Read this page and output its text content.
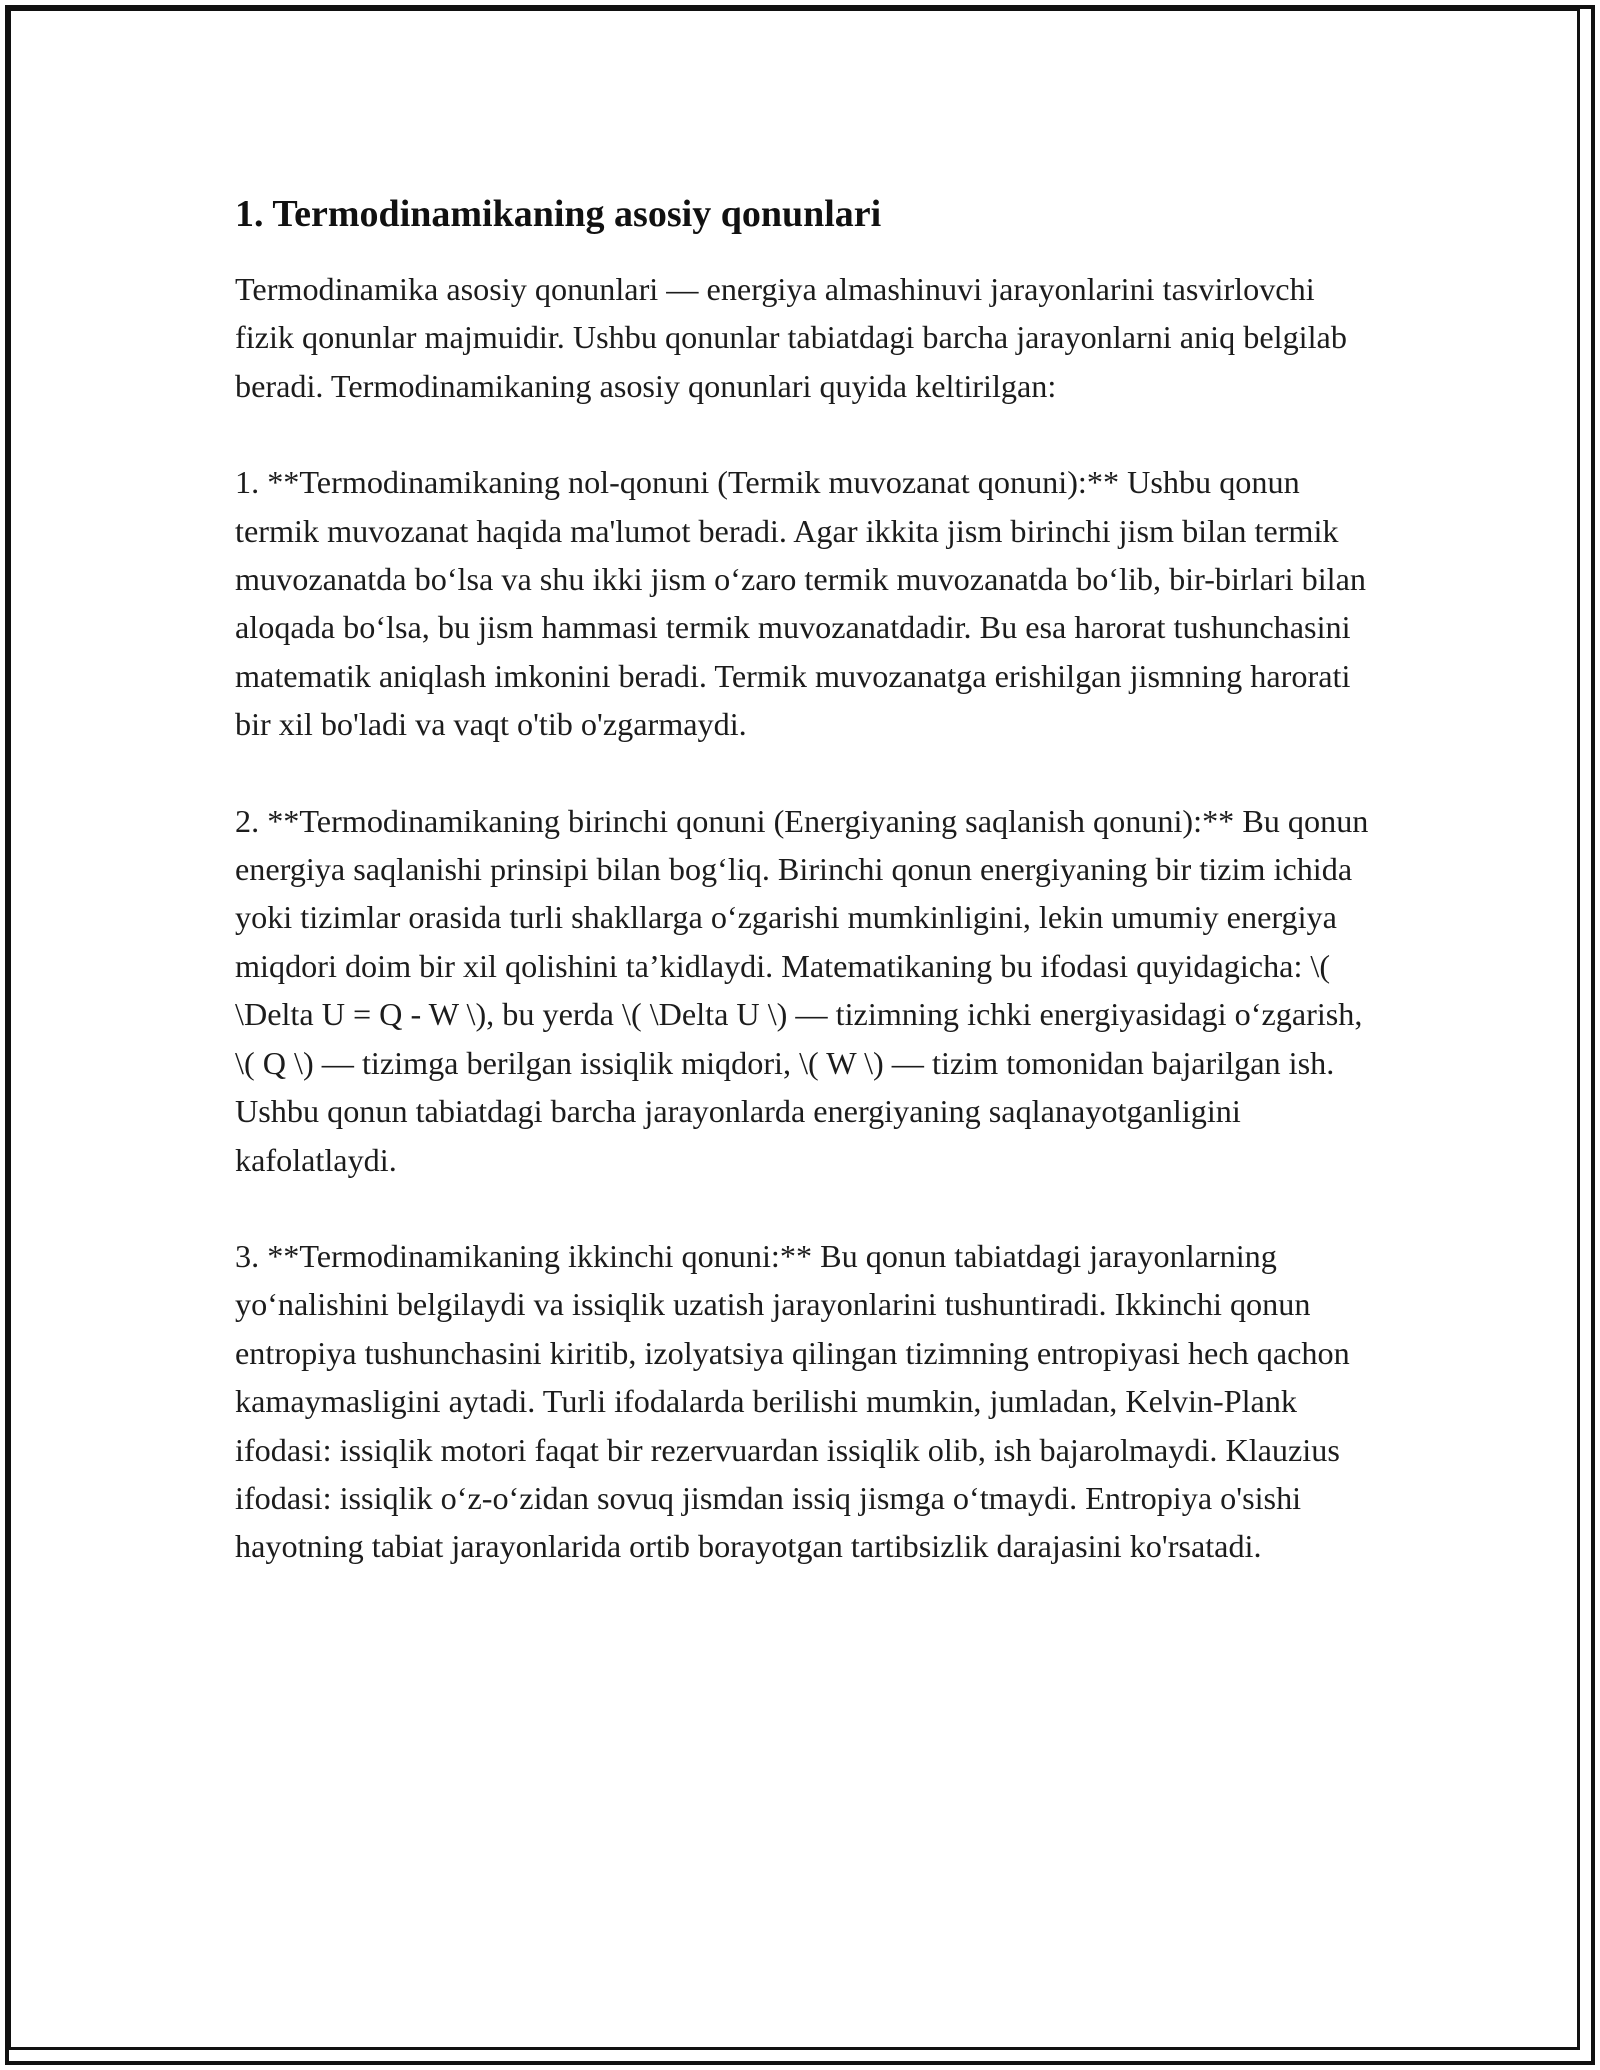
1. Termodinamikaning asosiy qonunlari

Termodinamika asosiy qonunlari — energiya almashinuvi jarayonlarini tasvirlovchi fizik qonunlar majmuidir. Ushbu qonunlar tabiatdagi barcha jarayonlarni aniq belgilab beradi. Termodinamikaning asosiy qonunlari quyida keltirilgan:

1. **Termodinamikaning nol-qonuni (Termik muvozanat qonuni):** Ushbu qonun termik muvozanat haqida ma'lumot beradi. Agar ikkita jism birinchi jism bilan termik muvozanatda boʻlsa va shu ikki jism oʻzaro termik muvozanatda boʻlib, bir-birlari bilan aloqada boʻlsa, bu jism hammasi termik muvozanatdadir. Bu esa harorat tushunchasini matematik aniqlash imkonini beradi. Termik muvozanatga erishilgan jismning harorati bir xil bo'ladi va vaqt o'tib o'zgarmaydi.

2. **Termodinamikaning birinchi qonuni (Energiyaning saqlanish qonuni):** Bu qonun energiya saqlanishi prinsipi bilan bogʻliq. Birinchi qonun energiyaning bir tizim ichida yoki tizimlar orasida turli shakllarga oʻzgarishi mumkinligini, lekin umumiy energiya miqdori doim bir xil qolishini taʼkidlaydi. Matematikaning bu ifodasi quyidagicha: \( \Delta U = Q - W \), bu yerda \( \Delta U \) — tizimning ichki energiyasidagi oʻzgarish, \( Q \) — tizimga berilgan issiqlik miqdori, \( W \) — tizim tomonidan bajarilgan ish. Ushbu qonun tabiatdagi barcha jarayonlarda energiyaning saqlanayotganligini kafolatlaydi.

3. **Termodinamikaning ikkinchi qonuni:** Bu qonun tabiatdagi jarayonlarning yoʻnalishini belgilaydi va issiqlik uzatish jarayonlarini tushuntiradi. Ikkinchi qonun entropiya tushunchasini kiritib, izolyatsiya qilingan tizimning entropiyasi hech qachon kamaymasligini aytadi. Turli ifodalarda berilishi mumkin, jumladan, Kelvin-Plank ifodasi: issiqlik motori faqat bir rezervuardan issiqlik olib, ish bajarolmaydi. Klauzius ifodasi: issiqlik oʻz-oʻzidan sovuq jismdan issiq jismga oʻtmaydi. Entropiya o'sishi hayotning tabiat jarayonlarida ortib borayotgan tartibsizlik darajasini ko'rsatadi.
